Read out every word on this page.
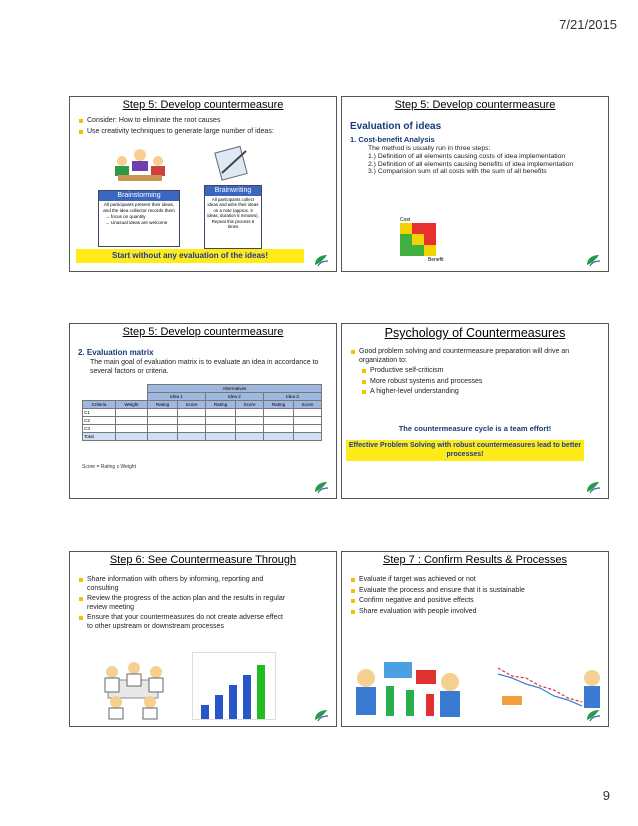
7/21/2015
9
Step 5: Develop countermeasure
Consider: How to eliminate the root causes
Use creativity techniques to generate large number of ideas:
Brainstorming
All participants present their ideas, and the idea collector records them
→ focus on quantity
→ Unusual ideas are welcome
Brainwriting
All participants collect ideas and write their ideas on a note (approx. 3 ideas, duration 5 minutes). Repeat this process 6 times
Start without any evaluation of the ideas!
Step 5: Develop countermeasure
Evaluation of ideas
1. Cost-benefit Analysis
The method is usually run in three steps:
1.) Definition of all elements causing costs of idea implementation
2.) Definition of all elements causing benefits of idea implementation
3.) Comparision sum of all costs with the sum of all benefits
Cost
Benefit
Step 5: Develop countermeasure
2. Evaluation matrix
The main goal of evaluation matrix is to evaluate an idea in accordance to several factors or criteria.
		Alternatives					
		Idea 1		Idea 2		Idea 3	
Criteria	Weight	Rating	Score	Rating	Score	Rating	Score
C1							
C2							
C3							
Total							
Score = Rating x Weight
Psychology of Countermeasures
Good problem solving and countermeasure preparation will drive an organization to:
Productive self-criticism
More robust systems and processes
A higher-level understanding
The countermeasure cycle is a team effort!
Effective Problem Solving with robust countermeasures lead to better processes!
Step 6: See Countermeasure Through
Share information with others by informing, reporting and consulting
Review the progress of the action plan and the results in regular review meeting
Ensure that your countermeasures do not create adverse effect to other upstream or downstream processes
Step 7 : Confirm Results & Processes
Evaluate if target was achieved or not
Evaluate the process and ensure that it is sustainable
Confirm negative and positive effects
Share evaluation with people involved
